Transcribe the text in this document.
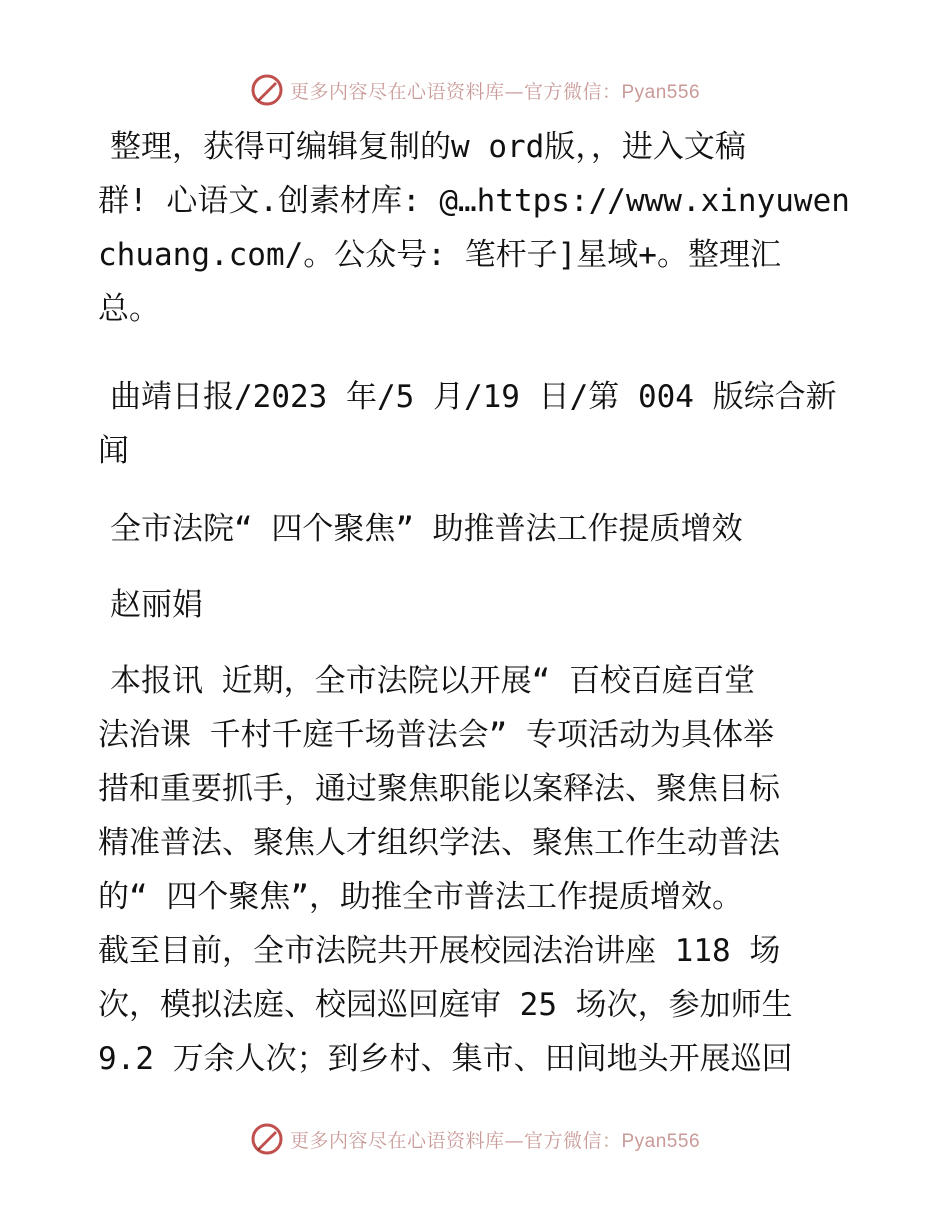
更多内容尽在心语资料库—官方微信：Pyan556

整理，获得可编辑复制的w ord版，，进入文稿

群! 心语文.创素材库: @…https://www.xinyuwen

chuang.com/。公众号: 笔杆子]星域+。整理汇

总。

曲靖日报/2023 年/5 月/19 日/第 004 版综合新

闻

全市法院“ 四个聚焦” 助推普法工作提质增效

赵丽娟

本报讯 近期，全市法院以开展“ 百校百庭百堂

法治课 千村千庭千场普法会” 专项活动为具体举

措和重要抓手，通过聚焦职能以案释法、聚焦目标

精准普法、聚焦人才组织学法、聚焦工作生动普法

的“ 四个聚焦”，助推全市普法工作提质增效。

截至目前，全市法院共开展校园法治讲座 118 场

次，模拟法庭、校园巡回庭审 25 场次，参加师生

9.2 万余人次；到乡村、集市、田间地头开展巡回

更多内容尽在心语资料库—官方微信：Pyan556
